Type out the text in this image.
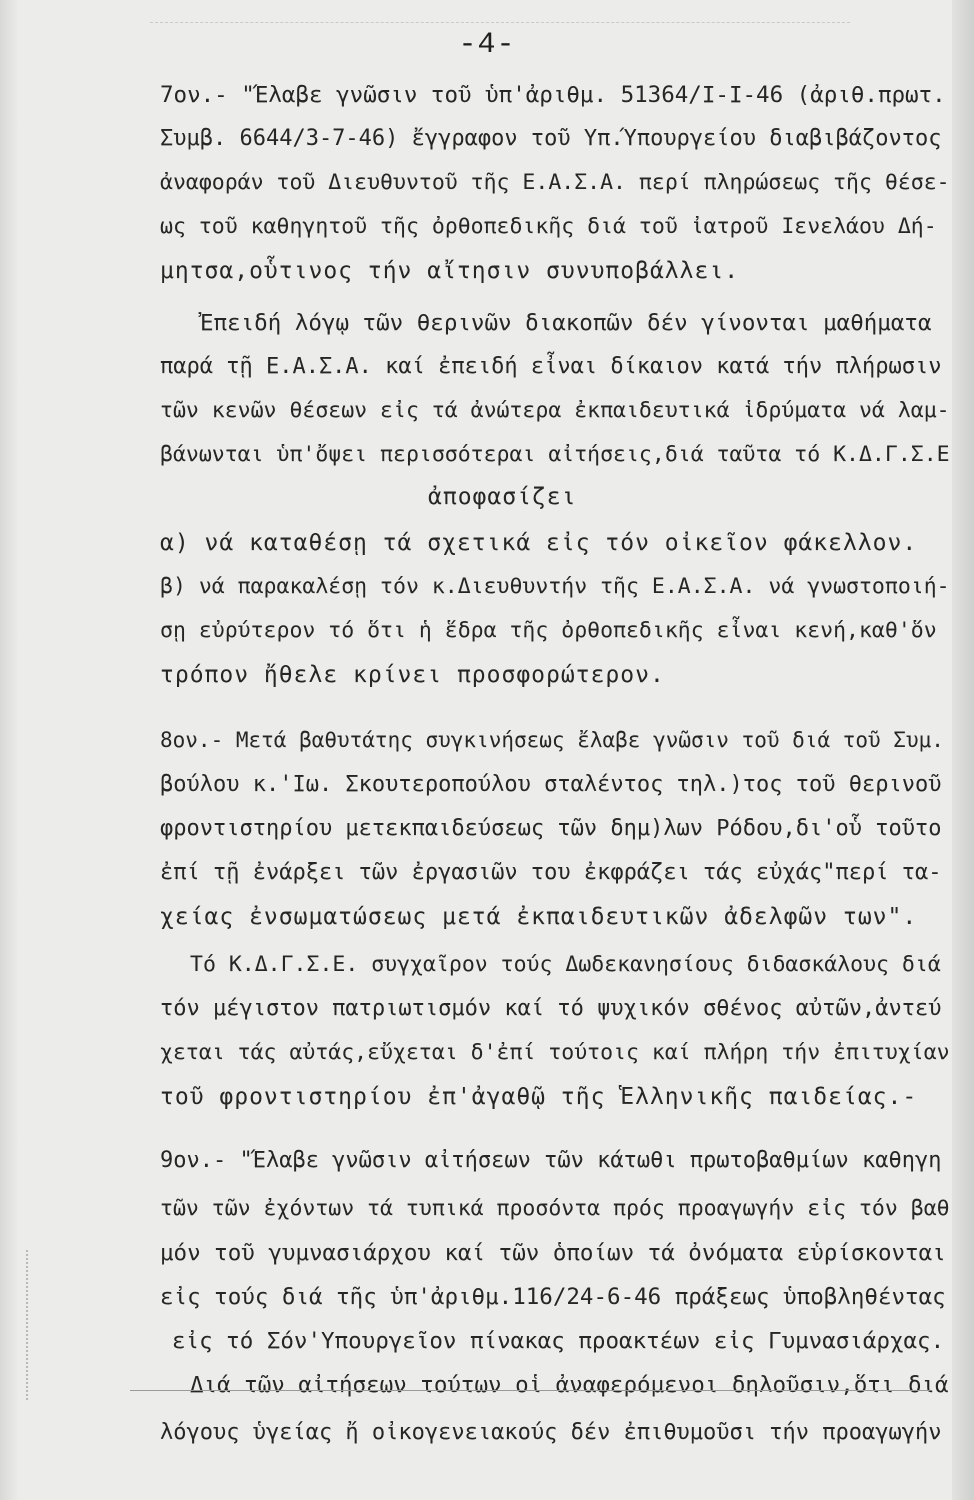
-4-
7ον.- "Έλαβε γνῶσιν τοῦ ὑπ'ἀριθμ. 51364/Ι-Ι-46 (ἀριθ.πρωτ.
Συμβ. 6644/3-7-46) ἔγγραφον τοῦ Υπ.Ύπουργείου διαβιβάζοντος
ἀναφοράν τοῦ Διευθυντοῦ τῆς Ε.Α.Σ.Α. περί πληρώσεως τῆς θέσε-
ως τοῦ καθηγητοῦ τῆς ὀρθοπεδικῆς διά τοῦ ἰατροῦ Ιενελάου Δή-
μητσα,οὗτινος τήν αἴτησιν συνυποβάλλει.
Ἐπειδή λόγῳ τῶν θερινῶν διακοπῶν δέν γίνονται μαθήματα
παρά τῇ Ε.Α.Σ.Α. καί ἐπειδή εἶναι δίκαιον κατά τήν πλήρωσιν
τῶν κενῶν θέσεων εἰς τά ἀνώτερα ἐκπαιδευτικά ἱδρύματα νά λαμ-
βάνωνται ὑπ'ὄψει περισσότεραι αἰτήσεις,διά ταῦτα τό Κ.Δ.Γ.Σ.Ε
ἀποφασίζει
α) νά καταθέσῃ τά σχετικά εἰς τόν οἰκεῖον φάκελλον.
β) νά παρακαλέσῃ τόν κ.Διευθυντήν τῆς Ε.Α.Σ.Α. νά γνωστοποιή-
σῃ εὐρύτερον τό ὅτι ἡ ἕδρα τῆς ὀρθοπεδικῆς εἶναι κενή,καθ'ὅν
τρόπον ἤθελε κρίνει προσφορώτερον.
8ον.- Μετά βαθυτάτης συγκινήσεως ἔλαβε γνῶσιν τοῦ διά τοῦ Συμ.
βούλου κ.'Ιω. Σκουτεροπούλου σταλέντος τηλ.)τος τοῦ θερινοῦ
φροντιστηρίου μετεκπαιδεύσεως τῶν δημ)λων Ρόδου,δι'οὗ τοῦτο
ἐπί τῇ ἐνάρξει τῶν ἐργασιῶν του ἐκφράζει τάς εὐχάς"περί τα-
χείας ἐνσωματώσεως μετά ἐκπαιδευτικῶν ἀδελφῶν των".
Τό Κ.Δ.Γ.Σ.Ε. συγχαῖρον τούς Δωδεκανησίους διδασκάλους διά
τόν μέγιστον πατριωτισμόν καί τό ψυχικόν σθένος αὐτῶν,ἀντεύ
χεται τάς αὐτάς,εὔχεται δ'ἐπί τούτοις καί πλήρη τήν ἐπιτυχίαν
τοῦ φροντιστηρίου ἐπ'ἀγαθῷ τῆς Ἑλληνικῆς παιδείας.-
9ον.- "Έλαβε γνῶσιν αἰτήσεων τῶν κάτωθι πρωτοβαθμίων καθηγη
τῶν τῶν ἐχόντων τά τυπικά προσόντα πρός προαγωγήν εἰς τόν βαθ
μόν τοῦ γυμνασιάρχου καί τῶν ὁποίων τά ὀνόματα εὑρίσκονται
εἰς τούς διά τῆς ὑπ'ἀριθμ.116/24-6-46 πράξεως ὑποβληθέντας
εἰς τό Σόν'Υπουργεῖον πίνακας προακτέων εἰς Γυμνασιάρχας.
Διά τῶν αἰτήσεων τούτων οἱ ἀναφερόμενοι δηλοῦσιν,ὅτι διά
λόγους ὑγείας ἤ οἰκογενειακούς δέν ἐπιθυμοῦσι τήν προαγωγήν
